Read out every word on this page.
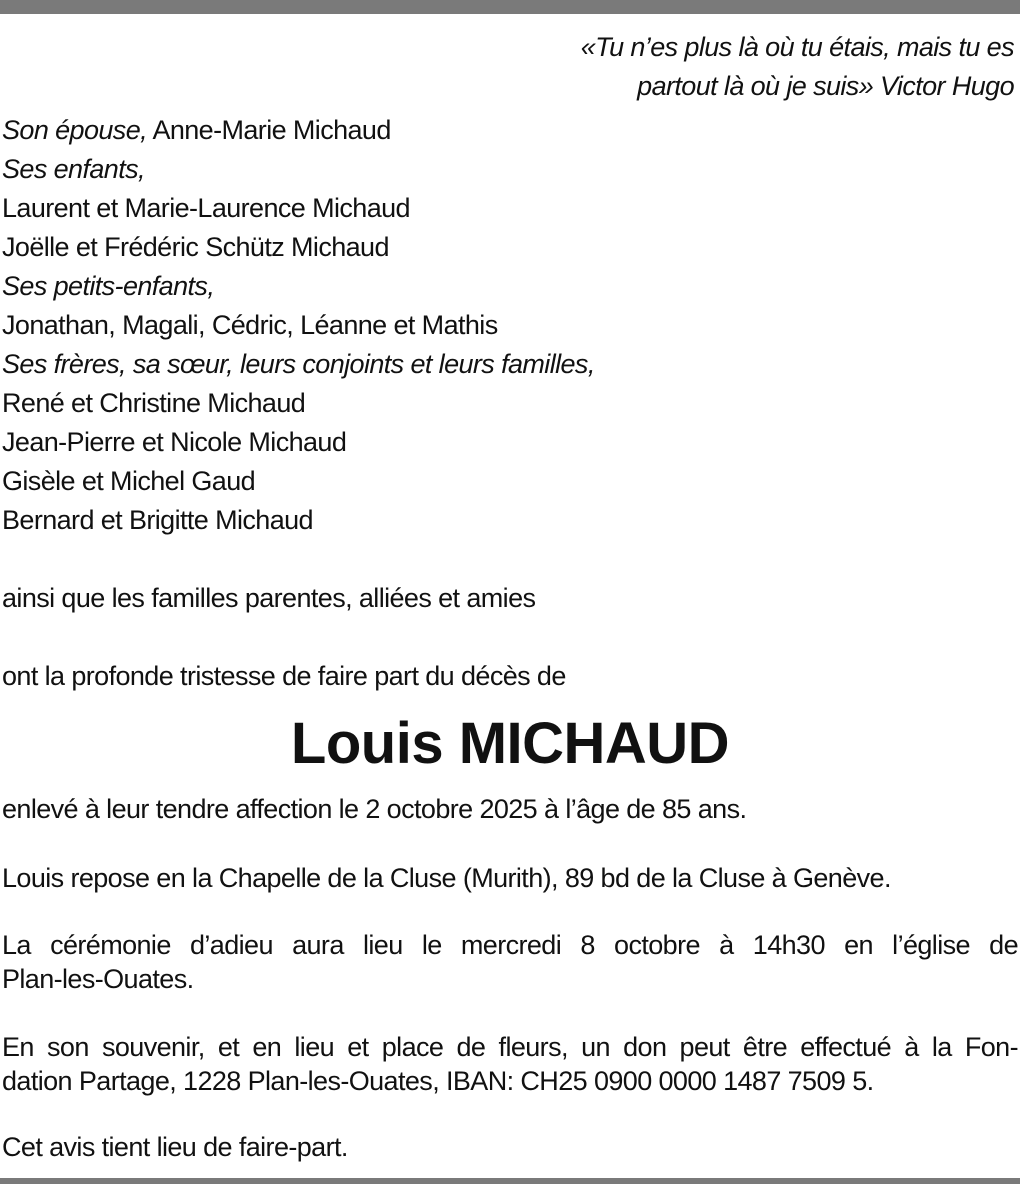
«Tu n’es plus là où tu étais, mais tu es
partout là où je suis» Victor Hugo
Son épouse, Anne-Marie Michaud
Ses enfants,
Laurent et Marie-Laurence Michaud
Joëlle et Frédéric Schütz Michaud
Ses petits-enfants,
Jonathan, Magali, Cédric, Léanne et Mathis
Ses frères, sa sœur, leurs conjoints et leurs familles,
René et Christine Michaud
Jean-Pierre et Nicole Michaud
Gisèle et Michel Gaud
Bernard et Brigitte Michaud
ainsi que les familles parentes, alliées et amies
ont la profonde tristesse de faire part du décès de
Louis MICHAUD
enlevé à leur tendre affection le 2 octobre 2025 à l’âge de 85 ans.
Louis repose en la Chapelle de la Cluse (Murith), 89 bd de la Cluse à Genève.
La cérémonie d’adieu aura lieu le mercredi 8 octobre à 14h30 en l’église de
Plan-les-Ouates.
En son souvenir, et en lieu et place de fleurs, un don peut être effectué à la Fon-
dation Partage, 1228 Plan-les-Ouates, IBAN: CH25 0900 0000 1487 7509 5.
Cet avis tient lieu de faire-part.
